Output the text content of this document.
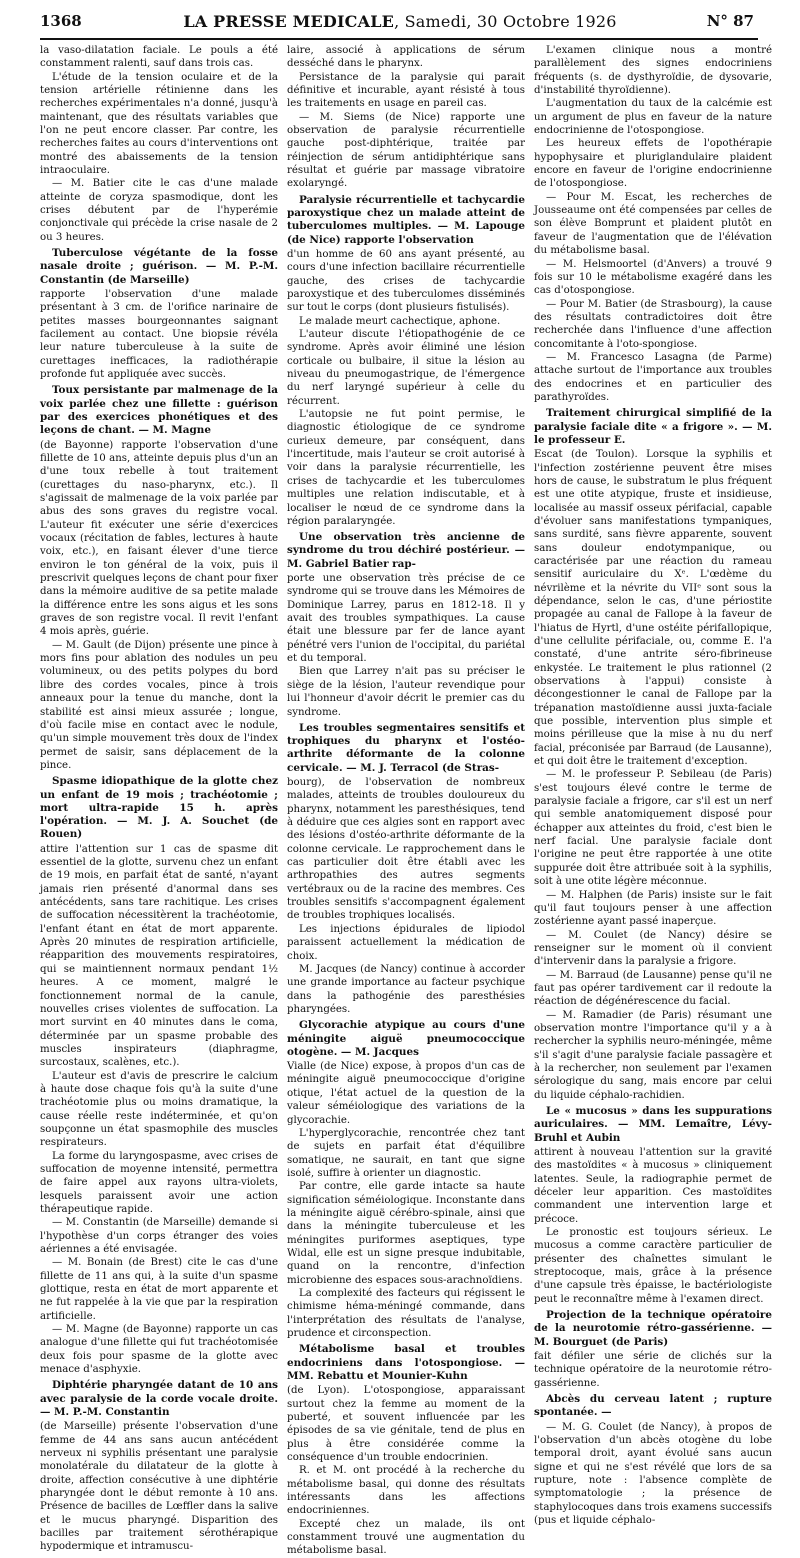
1368	LA PRESSE MEDICALE, Samedi, 30 Octobre 1926	N° 87

la vaso-dilatation faciale. Le pouls a été constamment ralenti, sauf dans trois cas.

L'étude de la tension oculaire et de la tension artérielle rétinienne dans les recherches expérimentales n'a donné, jusqu'à maintenant, que des résultats variables que l'on ne peut encore classer. Par contre, les recherches faites au cours d'interventions ont montré des abaissements de la tension intraoculaire.

— M. Batier cite le cas d'une malade atteinte de coryza spasmodique, dont les crises débutent par de l'hyperémie conjonctivale qui précède la crise nasale de 2 ou 3 heures.

Tuberculose végétante de la fosse nasale droite ; guérison. — M. P.-M. Constantin (de Marseille)

rapporte l'observation d'une malade présentant à 3 cm. de l'orifice narinaire de petites masses bourgeonnantes saignant facilement au contact. Une biopsie révéla leur nature tuberculeuse à la suite de curettages inefficaces, la radiothérapie profonde fut appliquée avec succès.

Toux persistante par malmenage de la voix parlée chez une fillette : guérison par des exercices phonétiques et des leçons de chant. — M. Magne

(de Bayonne) rapporte l'observation d'une fillette de 10 ans, atteinte depuis plus d'un an d'une toux rebelle à tout traitement (curettages du naso-pharynx, etc.). Il s'agissait de malmenage de la voix parlée par abus des sons graves du registre vocal. L'auteur fit exécuter une série d'exercices vocaux (récitation de fables, lectures à haute voix, etc.), en faisant élever d'une tierce environ le ton général de la voix, puis il prescrivit quelques leçons de chant pour fixer dans la mémoire auditive de sa petite malade la différence entre les sons aigus et les sons graves de son registre vocal. Il revit l'enfant 4 mois après, guérie.

— M. Gault (de Dijon) présente une pince à mors fins pour ablation des nodules un peu volumineux, ou des petits polypes du bord libre des cordes vocales, pince à trois anneaux pour la tenue du manche, dont la stabilité est ainsi mieux assurée ; longue, d'où facile mise en contact avec le nodule, qu'un simple mouvement très doux de l'index permet de saisir, sans déplacement de la pince.

Spasme idiopathique de la glotte chez un enfant de 19 mois ; trachéotomie ; mort ultra-rapide 15 h. après l'opération. — M. J. A. Souchet (de Rouen)

attire l'attention sur 1 cas de spasme dit essentiel de la glotte, survenu chez un enfant de 19 mois, en parfait état de santé, n'ayant jamais rien présenté d'anormal dans ses antécédents, sans tare rachitique. Les crises de suffocation nécessitèrent la trachéotomie, l'enfant étant en état de mort apparente. Après 20 minutes de respiration artificielle, réapparition des mouvements respiratoires, qui se maintiennent normaux pendant 1½ heures. A ce moment, malgré le fonctionnement normal de la canule, nouvelles crises violentes de suffocation. La mort survint en 40 minutes dans le coma, déterminée par un spasme probable des muscles inspirateurs (diaphragme, surcostaux, scalènes, etc.).

L'auteur est d'avis de prescrire le calcium à haute dose chaque fois qu'à la suite d'une trachéotomie plus ou moins dramatique, la cause réelle reste indéterminée, et qu'on soupçonne un état spasmophile des muscles respirateurs.

La forme du laryngospasme, avec crises de suffocation de moyenne intensité, permettra de faire appel aux rayons ultra-violets, lesquels paraissent avoir une action thérapeutique rapide.

— M. Constantin (de Marseille) demande si l'hypothèse d'un corps étranger des voies aériennes a été envisagée.

— M. Bonain (de Brest) cite le cas d'une fillette de 11 ans qui, à la suite d'un spasme glottique, resta en état de mort apparente et ne fut rappelée à la vie que par la respiration artificielle.

— M. Magne (de Bayonne) rapporte un cas analogue d'une fillette qui fut trachéotomisée deux fois pour spasme de la glotte avec menace d'asphyxie.

Diphtérie pharyngée datant de 10 ans avec paralysie de la corde vocale droite. — M. P.-M. Constantin

(de Marseille) présente l'observation d'une femme de 44 ans sans aucun antécédent nerveux ni syphilis présentant une paralysie monolatérale du dilatateur de la glotte à droite, affection consécutive à une diphtérie pharyngée dont le début remonte à 10 ans. Présence de bacilles de Lœffler dans la salive et le mucus pharyngé. Disparition des bacilles par traitement sérothérapique hypodermique et intramuscu-

laire, associé à applications de sérum desséché dans le pharynx.

Persistance de la paralysie qui parait définitive et incurable, ayant résisté à tous les traitements en usage en pareil cas.

— M. Siems (de Nice) rapporte une observation de paralysie récurrentielle gauche post-diphtérique, traitée par réinjection de sérum antidiphtérique sans résultat et guérie par massage vibratoire exolaryngé.

Paralysie récurrentielle et tachycardie paroxystique chez un malade atteint de tuberculomes multiples. — M. Lapouge (de Nice) rapporte l'observation

d'un homme de 60 ans ayant présenté, au cours d'une infection bacillaire récurrentielle gauche, des crises de tachycardie paroxystique et des tuberculomes disséminés sur tout le corps (dont plusieurs fistulisés).

Le malade meurt cachectique, aphone.

L'auteur discute l'étiopathogénie de ce syndrome. Après avoir éliminé une lésion corticale ou bulbaire, il situe la lésion au niveau du pneumogastrique, de l'émergence du nerf laryngé supérieur à celle du récurrent.

L'autopsie ne fut point permise, le diagnostic étiologique de ce syndrome curieux demeure, par conséquent, dans l'incertitude, mais l'auteur se croit autorisé à voir dans la paralysie récurrentielle, les crises de tachycardie et les tuberculomes multiples une relation indiscutable, et à localiser le nœud de ce syndrome dans la région paralaryngée.

Une observation très ancienne de syndrome du trou déchiré postérieur. — M. Gabriel Batier rap-

porte une observation très précise de ce syndrome qui se trouve dans les Mémoires de Dominique Larrey, parus en 1812-18. Il y avait des troubles sympathiques. La cause était une blessure par fer de lance ayant pénétré vers l'union de l'occipital, du pariétal et du temporal.

Bien que Larrey n'ait pas su préciser le siège de la lésion, l'auteur revendique pour lui l'honneur d'avoir décrit le premier cas du syndrome.

Les troubles segmentaires sensitifs et trophiques du pharynx et l'ostéo-arthrite déformante de la colonne cervicale. — M. J. Terracol (de Stras-

bourg), de l'observation de nombreux malades, atteints de troubles douloureux du pharynx, notamment les paresthésiques, tend à déduire que ces algies sont en rapport avec des lésions d'ostéo-arthrite déformante de la colonne cervicale. Le rapprochement dans le cas particulier doit être établi avec les arthropathies des autres segments vertébraux ou de la racine des membres. Ces troubles sensitifs s'accompagnent également de troubles trophiques localisés.

Les injections épidurales de lipiodol paraissent actuellement la médication de choix.

M. Jacques (de Nancy) continue à accorder une grande importance au facteur psychique dans la pathogénie des paresthésies pharyngées.

Glycorachie atypique au cours d'une méningite aiguë pneumococcique otogène. — M. Jacques

Vialle (de Nice) expose, à propos d'un cas de méningite aiguë pneumococcique d'origine otique, l'état actuel de la question de la valeur séméiologique des variations de la glycorachie.

L'hyperglycorachie, rencontrée chez tant de sujets en parfait état d'équilibre somatique, ne saurait, en tant que signe isolé, suffire à orienter un diagnostic.

Par contre, elle garde intacte sa haute signification séméiologique. Inconstante dans la méningite aiguë cérébro-spinale, ainsi que dans la méningite tuberculeuse et les méningites puriformes aseptiques, type Widal, elle est un signe presque indubitable, quand on la rencontre, d'infection microbienne des espaces sous-arachnoïdiens.

La complexité des facteurs qui régissent le chimisme héma-méningé commande, dans l'interprétation des résultats de l'analyse, prudence et circonspection.

Métabolisme basal et troubles endocriniens dans l'otospongiose. — MM. Rebattu et Mounier-Kuhn

(de Lyon). L'otospongiose, apparaissant surtout chez la femme au moment de la puberté, et souvent influencée par les épisodes de sa vie génitale, tend de plus en plus à être considérée comme la conséquence d'un trouble endocrinien.

R. et M. ont procédé à la recherche du métabolisme basal, qui donne des résultats intéressants dans les affections endocriniennes.

Excepté chez un malade, ils ont constamment trouvé une augmentation du métabolisme basal.

L'examen clinique nous a montré parallèlement des signes endocriniens fréquents (s. de dysthyroïdie, de dysovarie, d'instabilité thyroïdienne).

L'augmentation du taux de la calcémie est un argument de plus en faveur de la nature endocrinienne de l'otospongiose.

Les heureux effets de l'opothérapie hypophysaire et pluriglandulaire plaident encore en faveur de l'origine endocrinienne de l'otospongiose.

— Pour M. Escat, les recherches de Jousseaume ont été compensées par celles de son élève Bomprunt et plaident plutôt en faveur de l'augmentation que de l'élévation du métabolisme basal.

— M. Helsmoortel (d'Anvers) a trouvé 9 fois sur 10 le métabolisme exagéré dans les cas d'otospongiose.

— Pour M. Batier (de Strasbourg), la cause des résultats contradictoires doit être recherchée dans l'influence d'une affection concomitante à l'oto-spongiose.

— M. Francesco Lasagna (de Parme) attache surtout de l'importance aux troubles des endocrines et en particulier des parathyroïdes.

Traitement chirurgical simplifié de la paralysie faciale dite « a frigore ». — M. le professeur E.

Escat (de Toulon). Lorsque la syphilis et l'infection zostérienne peuvent être mises hors de cause, le substratum le plus fréquent est une otite atypique, fruste et insidieuse, localisée au massif osseux périfacial, capable d'évoluer sans manifestations tympaniques, sans surdité, sans fièvre apparente, souvent sans douleur endotympanique, ou caractérisée par une réaction du rameau sensitif auriculaire du Xᵉ. L'œdème du névrilème et la névrite du VIIᵉ sont sous la dépendance, selon le cas, d'une périostite propagée au canal de Fallope à la faveur de l'hiatus de Hyrtl, d'une ostéite périfallopique, d'une cellulite périfaciale, ou, comme E. l'a constaté, d'une antrite séro-fibrineuse enkystée. Le traitement le plus rationnel (2 observations à l'appui) consiste à décongestionner le canal de Fallope par la trépanation mastoïdienne aussi juxta-faciale que possible, intervention plus simple et moins périlleuse que la mise à nu du nerf facial, préconisée par Barraud (de Lausanne), et qui doit être le traitement d'exception.

— M. le professeur P. Sebileau (de Paris) s'est toujours élevé contre le terme de paralysie faciale a frigore, car s'il est un nerf qui semble anatomiquement disposé pour échapper aux atteintes du froid, c'est bien le nerf facial. Une paralysie faciale dont l'origine ne peut être rapportée à une otite suppurée doit être attribuée soit à la syphilis, soit à une otite légère méconnue.

— M. Halphen (de Paris) insiste sur le fait qu'il faut toujours penser à une affection zostérienne ayant passé inaperçue.

— M. Coulet (de Nancy) désire se renseigner sur le moment où il convient d'intervenir dans la paralysie a frigore.

— M. Barraud (de Lausanne) pense qu'il ne faut pas opérer tardivement car il redoute la réaction de dégénérescence du facial.

— M. Ramadier (de Paris) résumant une observation montre l'importance qu'il y a à rechercher la syphilis neuro-méningée, même s'il s'agit d'une paralysie faciale passagère et à la rechercher, non seulement par l'examen sérologique du sang, mais encore par celui du liquide céphalo-rachidien.

Le « mucosus » dans les suppurations auriculaires. — MM. Lemaître, Lévy-Bruhl et Aubin

attirent à nouveau l'attention sur la gravité des mastoïdites « à mucosus » cliniquement latentes. Seule, la radiographie permet de déceler leur apparition. Ces mastoïdites commandent une intervention large et précoce.

Le pronostic est toujours sérieux. Le mucosus a comme caractère particulier de présenter des chaînettes simulant le streptocoque, mais, grâce à la présence d'une capsule très épaisse, le bactériologiste peut le reconnaître même à l'examen direct.

Projection de la technique opératoire de la neurotomie rétro-gassérienne. — M. Bourguet (de Paris)

fait défiler une série de clichés sur la technique opératoire de la neurotomie rétro-gassérienne.

Abcès du cerveau latent ; rupture spontanée. —

— M. G. Coulet (de Nancy), à propos de l'observation d'un abcès otogène du lobe temporal droit, ayant évolué sans aucun signe et qui ne s'est révélé que lors de sa rupture, note : l'absence complète de symptomatologie ; la présence de staphylocoques dans trois examens successifs (pus et liquide céphalo-
